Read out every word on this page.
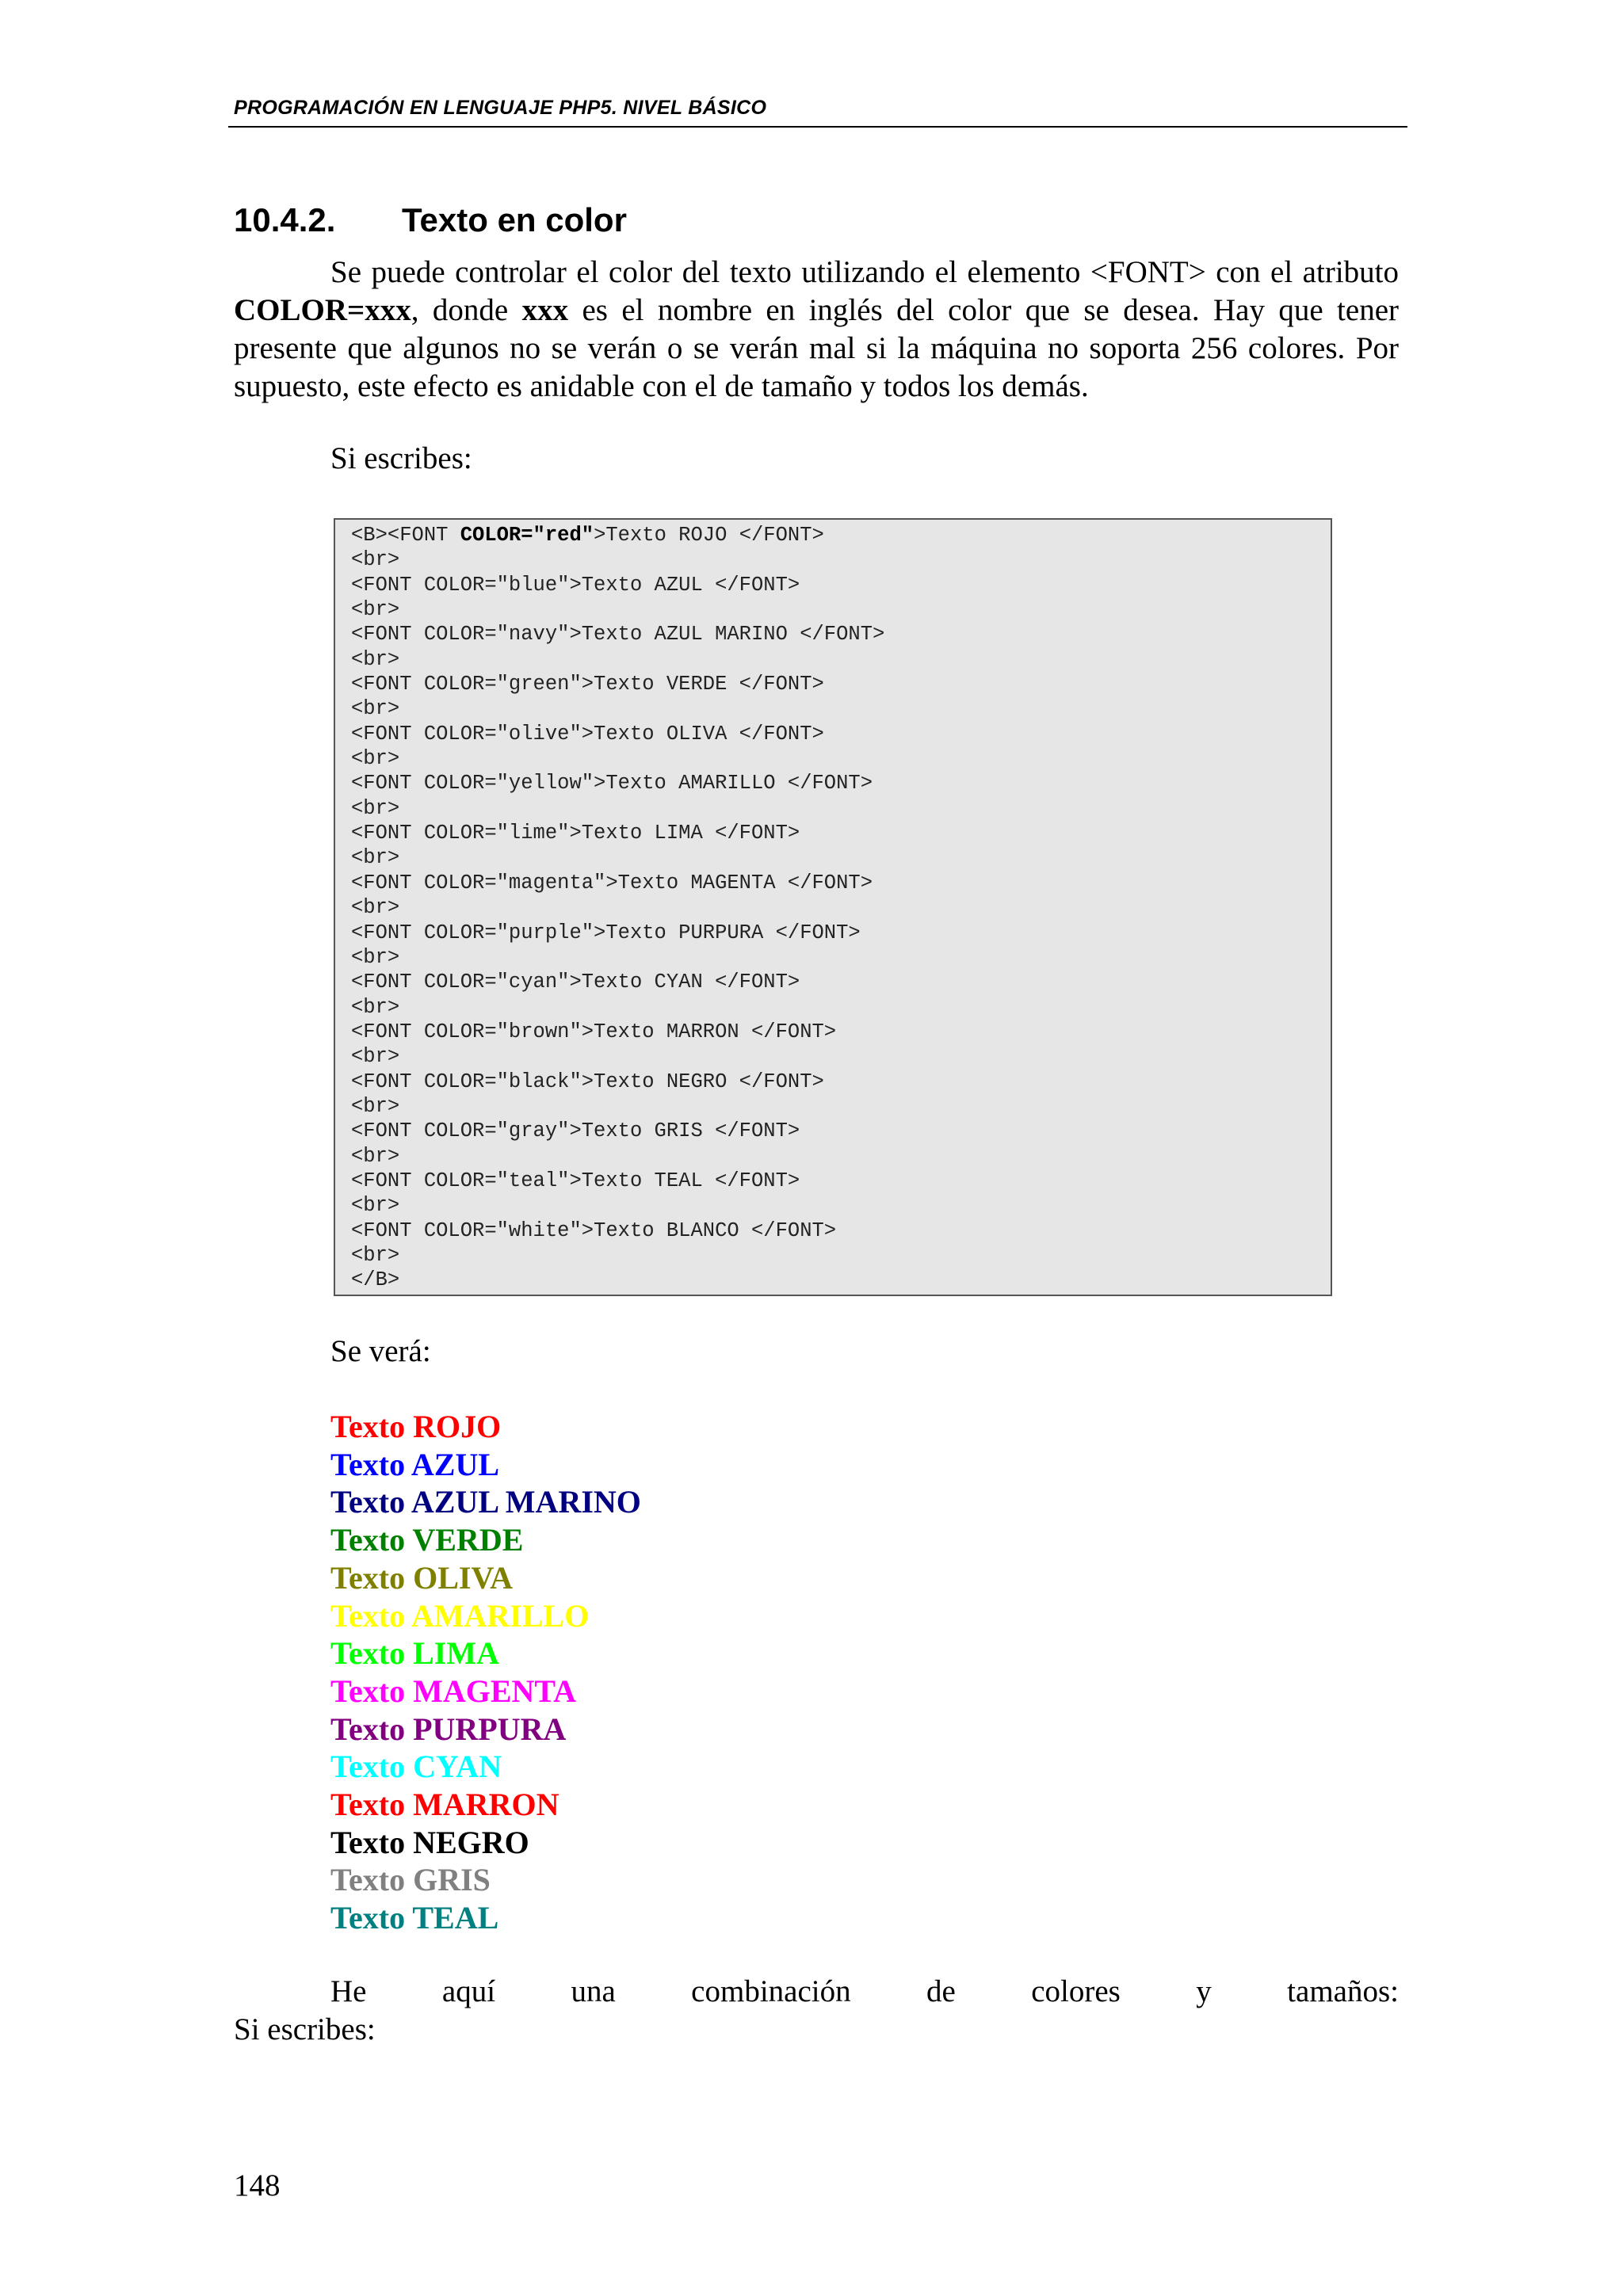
PROGRAMACIÓN EN LENGUAJE PHP5. NIVEL BÁSICO
10.4.2. Texto en color

Se puede controlar el color del texto utilizando el elemento <FONT> con el atributo COLOR=xxx, donde xxx es el nombre en inglés del color que se desea. Hay que tener presente que algunos no se verán o se verán mal si la máquina no soporta 256 colores. Por supuesto, este efecto es anidable con el de tamaño y todos los demás.

Si escribes:
<B><FONT COLOR="red">Texto ROJO </FONT>
<br>
<FONT COLOR="blue">Texto AZUL </FONT>
<br>
<FONT COLOR="navy">Texto AZUL MARINO </FONT>
<br>
<FONT COLOR="green">Texto VERDE </FONT>
<br>
<FONT COLOR="olive">Texto OLIVA </FONT>
<br>
<FONT COLOR="yellow">Texto AMARILLO </FONT>
<br>
<FONT COLOR="lime">Texto LIMA </FONT>
<br>
<FONT COLOR="magenta">Texto MAGENTA </FONT>
<br>
<FONT COLOR="purple">Texto PURPURA </FONT>
<br>
<FONT COLOR="cyan">Texto CYAN </FONT>
<br>
<FONT COLOR="brown">Texto MARRON </FONT>
<br>
<FONT COLOR="black">Texto NEGRO </FONT>
<br>
<FONT COLOR="gray">Texto GRIS </FONT>
<br>
<FONT COLOR="teal">Texto TEAL </FONT>
<br>
<FONT COLOR="white">Texto BLANCO </FONT>
<br>
</B>
Se verá:
Texto ROJO
Texto AZUL
Texto AZUL MARINO
Texto VERDE
Texto OLIVA
Texto AMARILLO
Texto LIMA
Texto MAGENTA
Texto PURPURA
Texto CYAN
Texto MARRON
Texto NEGRO
Texto GRIS
Texto TEAL
He aquí una combinación de colores y tamaños:
Si escribes:
148
